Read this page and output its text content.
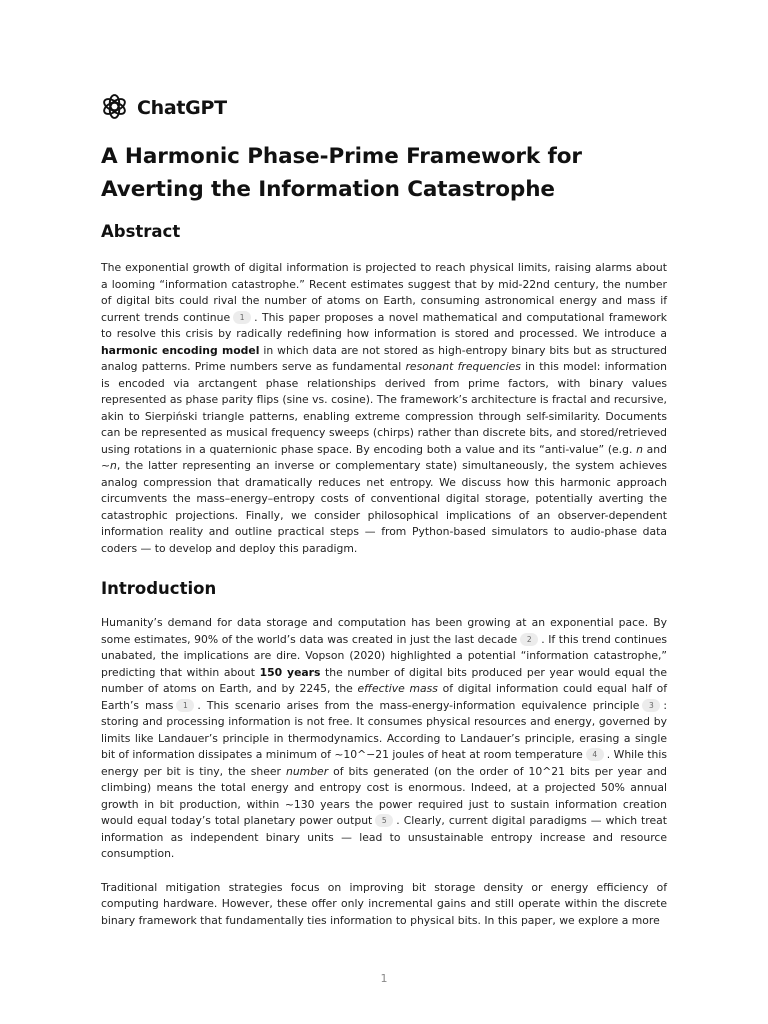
ChatGPT
A Harmonic Phase-Prime Framework for Averting the Information Catastrophe
Abstract

The exponential growth of digital information is projected to reach physical limits, raising alarms about a looming “information catastrophe.” Recent estimates suggest that by mid-22nd century, the number of digital bits could rival the number of atoms on Earth, consuming astronomical energy and mass if current trends continue 1 . This paper proposes a novel mathematical and computational framework to resolve this crisis by radically redefining how information is stored and processed. We introduce a harmonic encoding model in which data are not stored as high-entropy binary bits but as structured analog patterns. Prime numbers serve as fundamental resonant frequencies in this model: information is encoded via arctangent phase relationships derived from prime factors, with binary values represented as phase parity flips (sine vs. cosine). The framework’s architecture is fractal and recursive, akin to Sierpiński triangle patterns, enabling extreme compression through self-similarity. Documents can be represented as musical frequency sweeps (chirps) rather than discrete bits, and stored/retrieved using rotations in a quaternionic phase space. By encoding both a value and its “anti-value” (e.g. n and ~n, the latter representing an inverse or complementary state) simultaneously, the system achieves analog compression that dramatically reduces net entropy. We discuss how this harmonic approach circumvents the mass–energy–entropy costs of conventional digital storage, potentially averting the catastrophic projections. Finally, we consider philosophical implications of an observer-dependent information reality and outline practical steps — from Python-based simulators to audio-phase data coders — to develop and deploy this paradigm.

Introduction

Humanity’s demand for data storage and computation has been growing at an exponential pace. By some estimates, 90% of the world’s data was created in just the last decade 2 . If this trend continues unabated, the implications are dire. Vopson (2020) highlighted a potential “information catastrophe,” predicting that within about 150 years the number of digital bits produced per year would equal the number of atoms on Earth, and by 2245, the effective mass of digital information could equal half of Earth’s mass 1 . This scenario arises from the mass-energy-information equivalence principle 3 : storing and processing information is not free. It consumes physical resources and energy, governed by limits like Landauer’s principle in thermodynamics. According to Landauer’s principle, erasing a single bit of information dissipates a minimum of ~10^−21 joules of heat at room temperature 4 . While this energy per bit is tiny, the sheer number of bits generated (on the order of 10^21 bits per year and climbing) means the total energy and entropy cost is enormous. Indeed, at a projected 50% annual growth in bit production, within ~130 years the power required just to sustain information creation would equal today’s total planetary power output 5 . Clearly, current digital paradigms — which treat information as independent binary units — lead to unsustainable entropy increase and resource consumption.

Traditional mitigation strategies focus on improving bit storage density or energy efficiency of computing hardware. However, these offer only incremental gains and still operate within the discrete binary framework that fundamentally ties information to physical bits. In this paper, we explore a more

1
